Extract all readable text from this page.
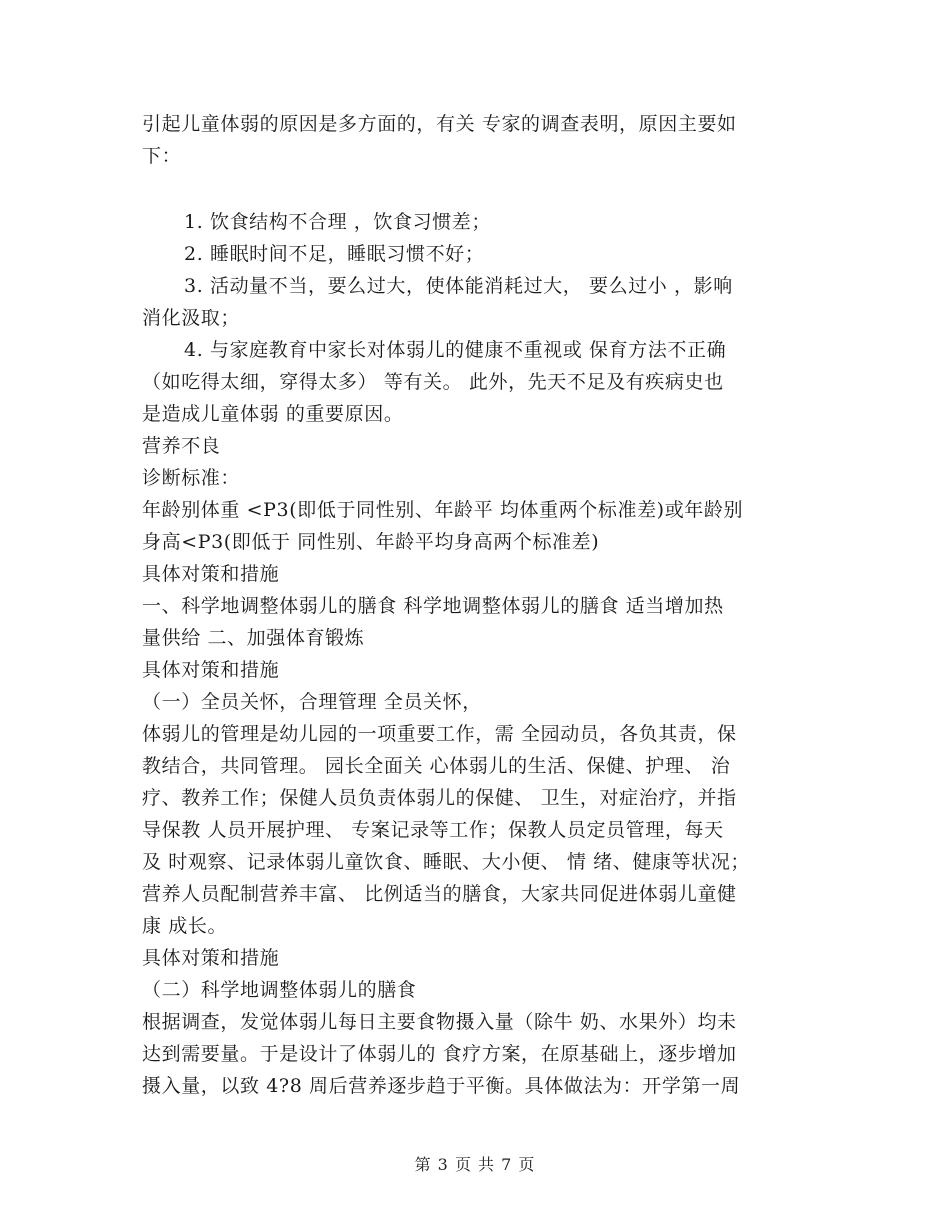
引起儿童体弱的原因是多方面的，有关 专家的调查表明，原因主要如
下：
1. 饮食结构不合理 ，饮食习惯差；
2. 睡眠时间不足，睡眠习惯不好；
3. 活动量不当，要么过大，使体能消耗过大， 要么过小 ，影响
消化汲取；
4. 与家庭教育中家长对体弱儿的健康不重视或 保育方法不正确
（如吃得太细，穿得太多） 等有关。 此外，先天不足及有疾病史也
是造成儿童体弱 的重要原因。
营养不良
诊断标准：
年龄别体重 <P3(即低于同性别、年龄平 均体重两个标准差)或年龄别
身高<P3(即低于 同性别、年龄平均身高两个标准差)
具体对策和措施
一、科学地调整体弱儿的膳食 科学地调整体弱儿的膳食 适当增加热
量供给 二、加强体育锻炼
具体对策和措施
（一）全员关怀，合理管理 全员关怀，
体弱儿的管理是幼儿园的一项重要工作，需 全园动员，各负其责，保
教结合，共同管理。 园长全面关 心体弱儿的生活、保健、护理、 治
疗、教养工作；保健人员负责体弱儿的保健、 卫生，对症治疗，并指
导保教 人员开展护理、 专案记录等工作；保教人员定员管理，每天
及 时观察、记录体弱儿童饮食、睡眠、大小便、 情 绪、健康等状况；
营养人员配制营养丰富、 比例适当的膳食，大家共同促进体弱儿童健
康 成长。
具体对策和措施
（二）科学地调整体弱儿的膳食
根据调查，发觉体弱儿每日主要食物摄入量（除牛 奶、水果外）均未
达到需要量。于是设计了体弱儿的 食疗方案，在原基础上，逐步增加
摄入量，以致 4?8 周后营养逐步趋于平衡。具体做法为：开学第一周
第 3 页 共 7 页
